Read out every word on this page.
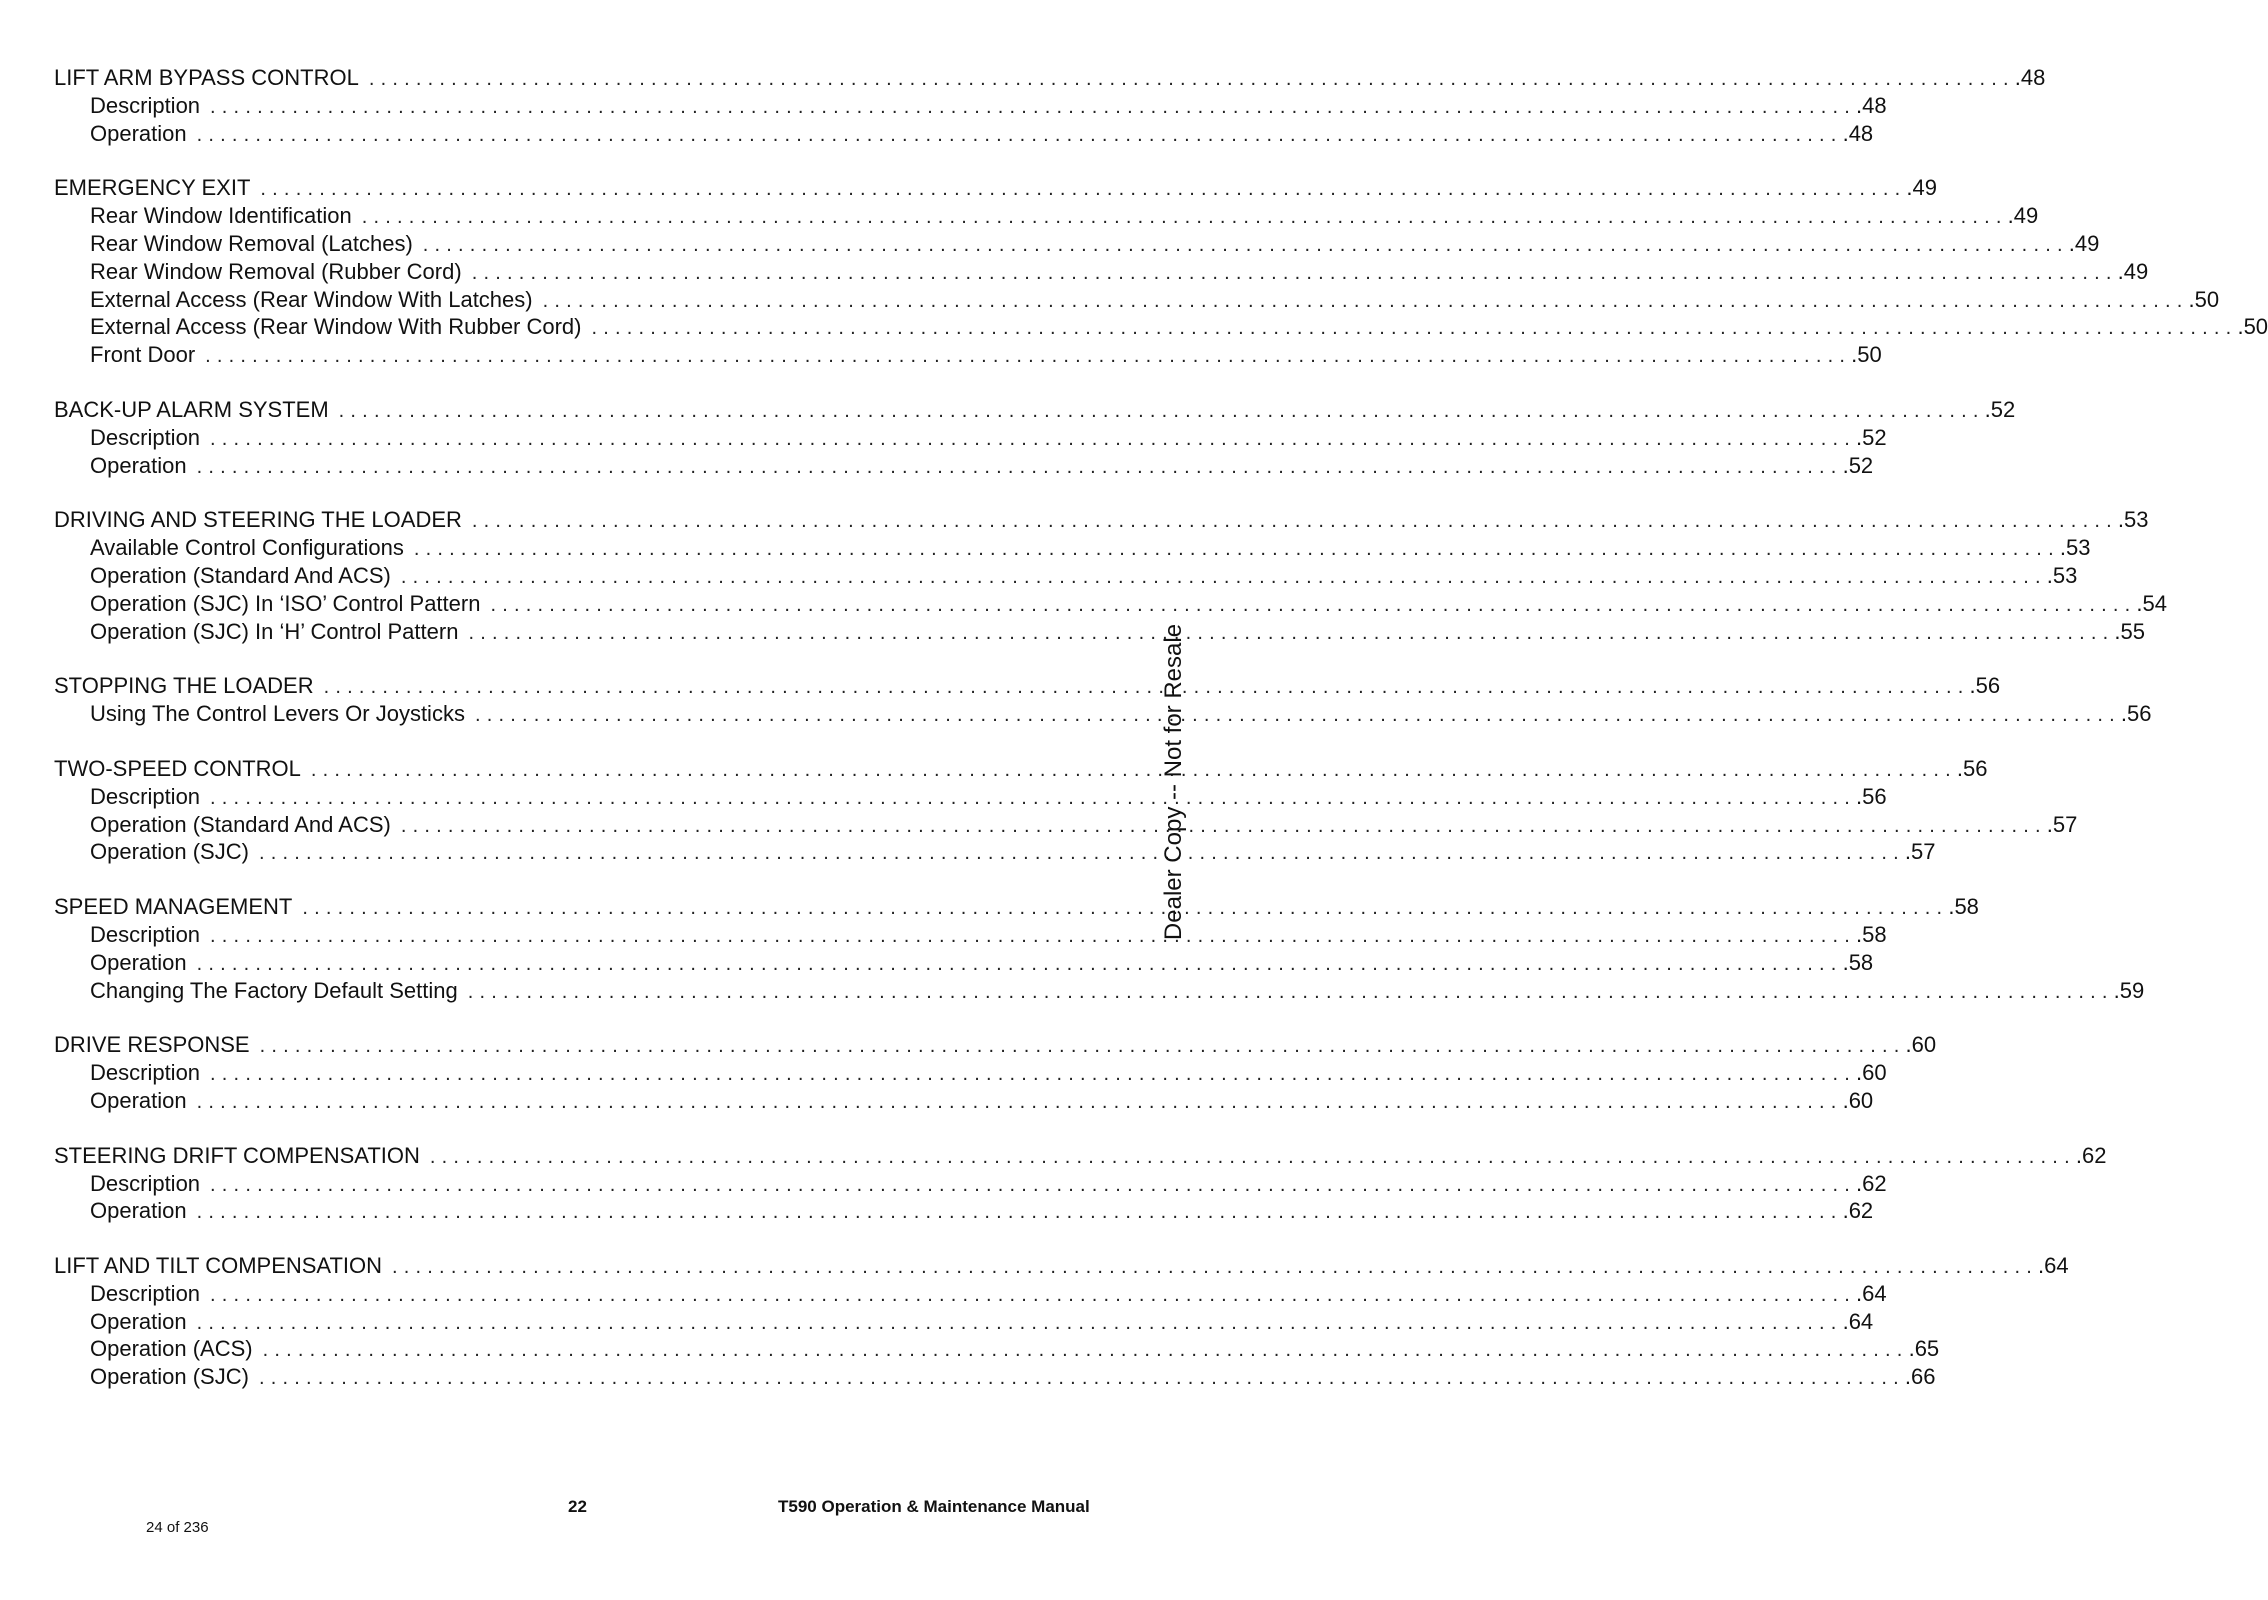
LIFT ARM BYPASS CONTROL ............................................................................................................................................ . 48
Description ............................................................................................................................................ . 48
Operation ............................................................................................................................................ . 48
EMERGENCY EXIT ............................................................................................................................................ . 49
Rear Window Identification ............................................................................................................................................ . 49
Rear Window Removal (Latches) ............................................................................................................................................ . 49
Rear Window Removal (Rubber Cord) ............................................................................................................................................ . 49
External Access (Rear Window With Latches) ............................................................................................................................................ . 50
External Access (Rear Window With Rubber Cord) ............................................................................................................................................ . 50
Front Door ............................................................................................................................................ . 50
BACK-UP ALARM SYSTEM ............................................................................................................................................ . 52
Description ............................................................................................................................................ . 52
Operation ............................................................................................................................................ . 52
DRIVING AND STEERING THE LOADER ............................................................................................................................................ . 53
Available Control Configurations ............................................................................................................................................ . 53
Operation (Standard And ACS) ............................................................................................................................................ . 53
Operation (SJC) In ‘ISO’ Control Pattern ............................................................................................................................................ . 54
Operation (SJC) In ‘H’ Control Pattern ............................................................................................................................................ . 55
STOPPING THE LOADER ............................................................................................................................................ . 56
Using The Control Levers Or Joysticks ............................................................................................................................................ . 56
TWO-SPEED CONTROL ............................................................................................................................................ . 56
Description ............................................................................................................................................ . 56
Operation (Standard And ACS) ............................................................................................................................................ . 57
Operation (SJC) ............................................................................................................................................ . 57
SPEED MANAGEMENT ............................................................................................................................................ . 58
Description ............................................................................................................................................ . 58
Operation ............................................................................................................................................ . 58
Changing The Factory Default Setting ............................................................................................................................................ . 59
DRIVE RESPONSE ............................................................................................................................................ . 60
Description ............................................................................................................................................ . 60
Operation ............................................................................................................................................ . 60
STEERING DRIFT COMPENSATION ............................................................................................................................................ . 62
Description ............................................................................................................................................ . 62
Operation ............................................................................................................................................ . 62
LIFT AND TILT COMPENSATION ............................................................................................................................................ . 64
Description ............................................................................................................................................ . 64
Operation ............................................................................................................................................ . 64
Operation (ACS) ............................................................................................................................................ . 65
Operation (SJC) ............................................................................................................................................ . 66
Dealer Copy -- Not for Resale
22	T590 Operation & Maintenance Manual
24 of 236
